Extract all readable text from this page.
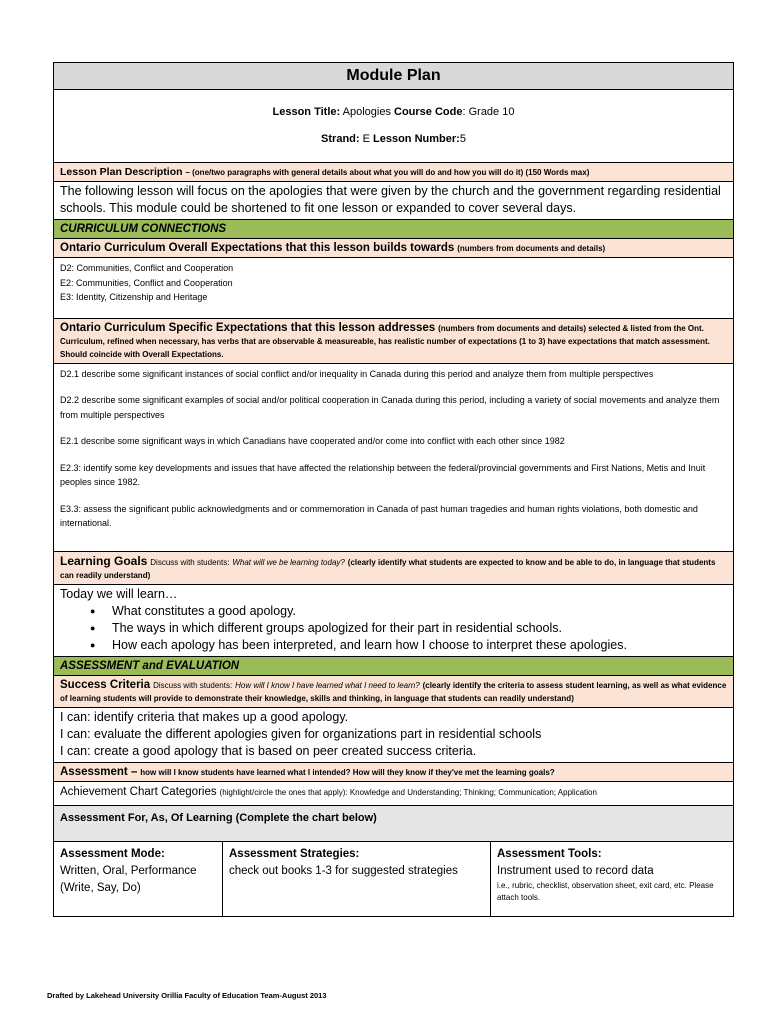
Module Plan
Lesson Title: Apologies Course Code: Grade 10
Strand: E Lesson Number:5
Lesson Plan Description – (one/two paragraphs with general details about what you will do and how you will do it) (150 Words max)
The following lesson will focus on the apologies that were given by the church and the government regarding residential schools. This module could be shortened to fit one lesson or expanded to cover several days.
CURRICULUM CONNECTIONS
Ontario Curriculum Overall Expectations that this lesson builds towards (numbers from documents and details)
D2: Communities, Conflict and Cooperation
E2: Communities, Conflict and Cooperation
E3: Identity, Citizenship and Heritage
Ontario Curriculum Specific Expectations that this lesson addresses (numbers from documents and details) selected & listed from the Ont. Curriculum, refined when necessary, has verbs that are observable & measureable, has realistic number of expectations (1 to 3) have expectations that match assessment. Should coincide with Overall Expectations.

D2.1 describe some significant instances of social conflict and/or inequality in Canada during this period and analyze them from multiple perspectives

D2.2 describe some significant examples of social and/or political cooperation in Canada during this period, including a variety of social movements and analyze them from multiple perspectives

E2.1 describe some significant ways in which Canadians have cooperated and/or come into conflict with each other since 1982

E2.3: identify some key developments and issues that have affected the relationship between the federal/provincial governments and First Nations, Metis and Inuit peoples since 1982.

E3.3: assess the significant public acknowledgments and or commemoration in Canada of past human tragedies and human rights violations, both domestic and international.

Learning Goals Discuss with students: What will we be learning today? (clearly identify what students are expected to know and be able to do, in language that students can readily understand)
Today we will learn…
● What constitutes a good apology.
● The ways in which different groups apologized for their part in residential schools.
● How each apology has been interpreted, and learn how I choose to interpret these apologies.
ASSESSMENT and EVALUATION
Success Criteria Discuss with students: How will I know I have learned what I need to learn? (clearly identify the criteria to assess student learning, as well as what evidence of learning students will provide to demonstrate their knowledge, skills and thinking, in language that students can readily understand)
I can: identify criteria that makes up a good apology.
I can: evaluate the different apologies given for organizations part in residential schools
I can: create a good apology that is based on peer created success criteria.
Assessment – how will I know students have learned what I intended? How will they know if they've met the learning goals?
Achievement Chart Categories (highlight/circle the ones that apply): Knowledge and Understanding; Thinking; Communication; Application
Assessment For, As, Of Learning (Complete the chart below)
Assessment Mode:
Written, Oral, Performance
(Write, Say, Do)
Assessment Strategies:
check out books 1-3 for suggested strategies
Assessment Tools:
Instrument used to record data
i.e., rubric, checklist, observation sheet, exit card, etc. Please attach tools.
Drafted by Lakehead University Orillia Faculty of Education Team-August 2013
